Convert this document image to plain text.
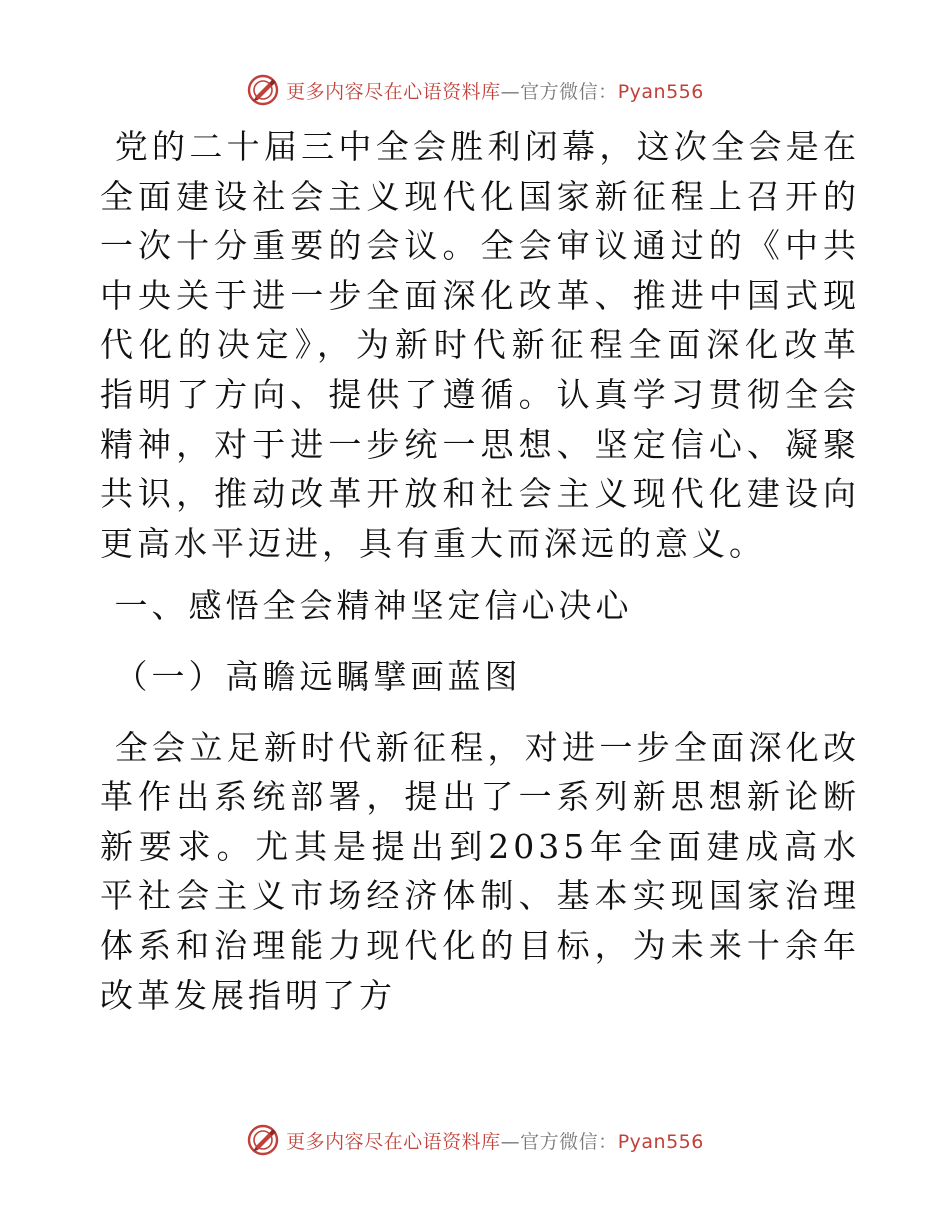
更多内容尽在心语资料库—官方微信：Pyan556

党的二十届三中全会胜利闭幕，这次全会是在全面建设社会主义现代化国家新征程上召开的一次十分重要的会议。全会审议通过的《中共中央关于进一步全面深化改革、推进中国式现代化的决定》，为新时代新征程全面深化改革指明了方向、提供了遵循。认真学习贯彻全会精神，对于进一步统一思想、坚定信心、凝聚共识，推动改革开放和社会主义现代化建设向更高水平迈进，具有重大而深远的意义。

一、感悟全会精神坚定信心决心

（一）高瞻远瞩擘画蓝图

全会立足新时代新征程，对进一步全面深化改革作出系统部署，提出了一系列新思想新论断新要求。尤其是提出到2035年全面建成高水平社会主义市场经济体制、基本实现国家治理体系和治理能力现代化的目标，为未来十余年改革发展指明了方

更多内容尽在心语资料库—官方微信：Pyan556
